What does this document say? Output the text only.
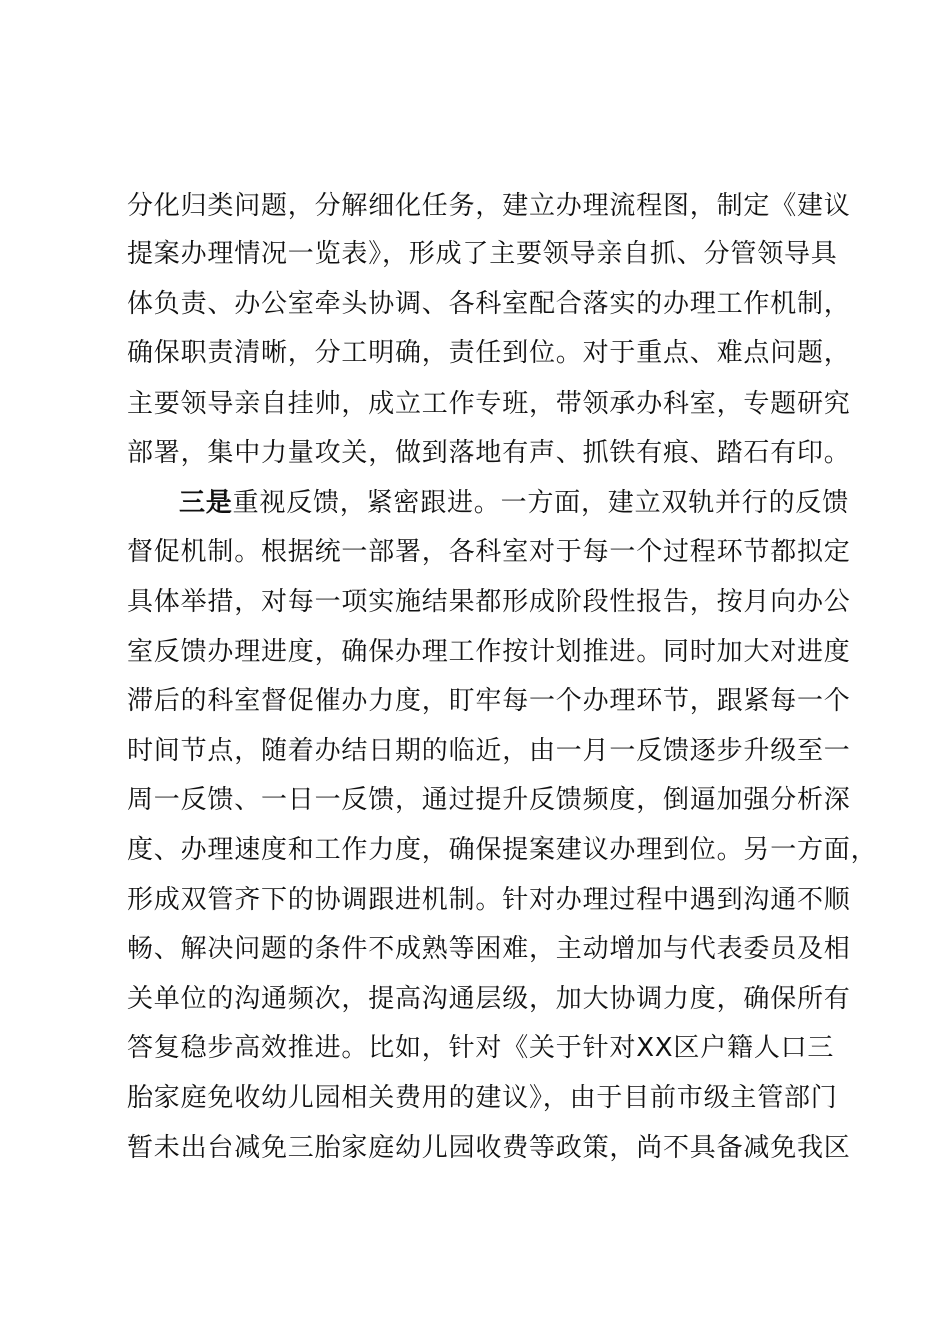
分化归类问题，分解细化任务，建立办理流程图，制定《建议
提案办理情况一览表》，形成了主要领导亲自抓、分管领导具
体负责、办公室牵头协调、各科室配合落实的办理工作机制，
确保职责清晰，分工明确，责任到位。对于重点、难点问题，
主要领导亲自挂帅，成立工作专班，带领承办科室，专题研究
部署，集中力量攻关，做到落地有声、抓铁有痕、踏石有印。
三是重视反馈，紧密跟进。一方面，建立双轨并行的反馈
督促机制。根据统一部署，各科室对于每一个过程环节都拟定
具体举措，对每一项实施结果都形成阶段性报告，按月向办公
室反馈办理进度，确保办理工作按计划推进。同时加大对进度
滞后的科室督促催办力度，盯牢每一个办理环节，跟紧每一个
时间节点，随着办结日期的临近，由一月一反馈逐步升级至一
周一反馈、一日一反馈，通过提升反馈频度，倒逼加强分析深
度、办理速度和工作力度，确保提案建议办理到位。另一方面，
形成双管齐下的协调跟进机制。针对办理过程中遇到沟通不顺
畅、解决问题的条件不成熟等困难，主动增加与代表委员及相
关单位的沟通频次，提高沟通层级，加大协调力度，确保所有
答复稳步高效推进。比如，针对《关于针对XX区户籍人口三
胎家庭免收幼儿园相关费用的建议》，由于目前市级主管部门
暂未出台减免三胎家庭幼儿园收费等政策，尚不具备减免我区
